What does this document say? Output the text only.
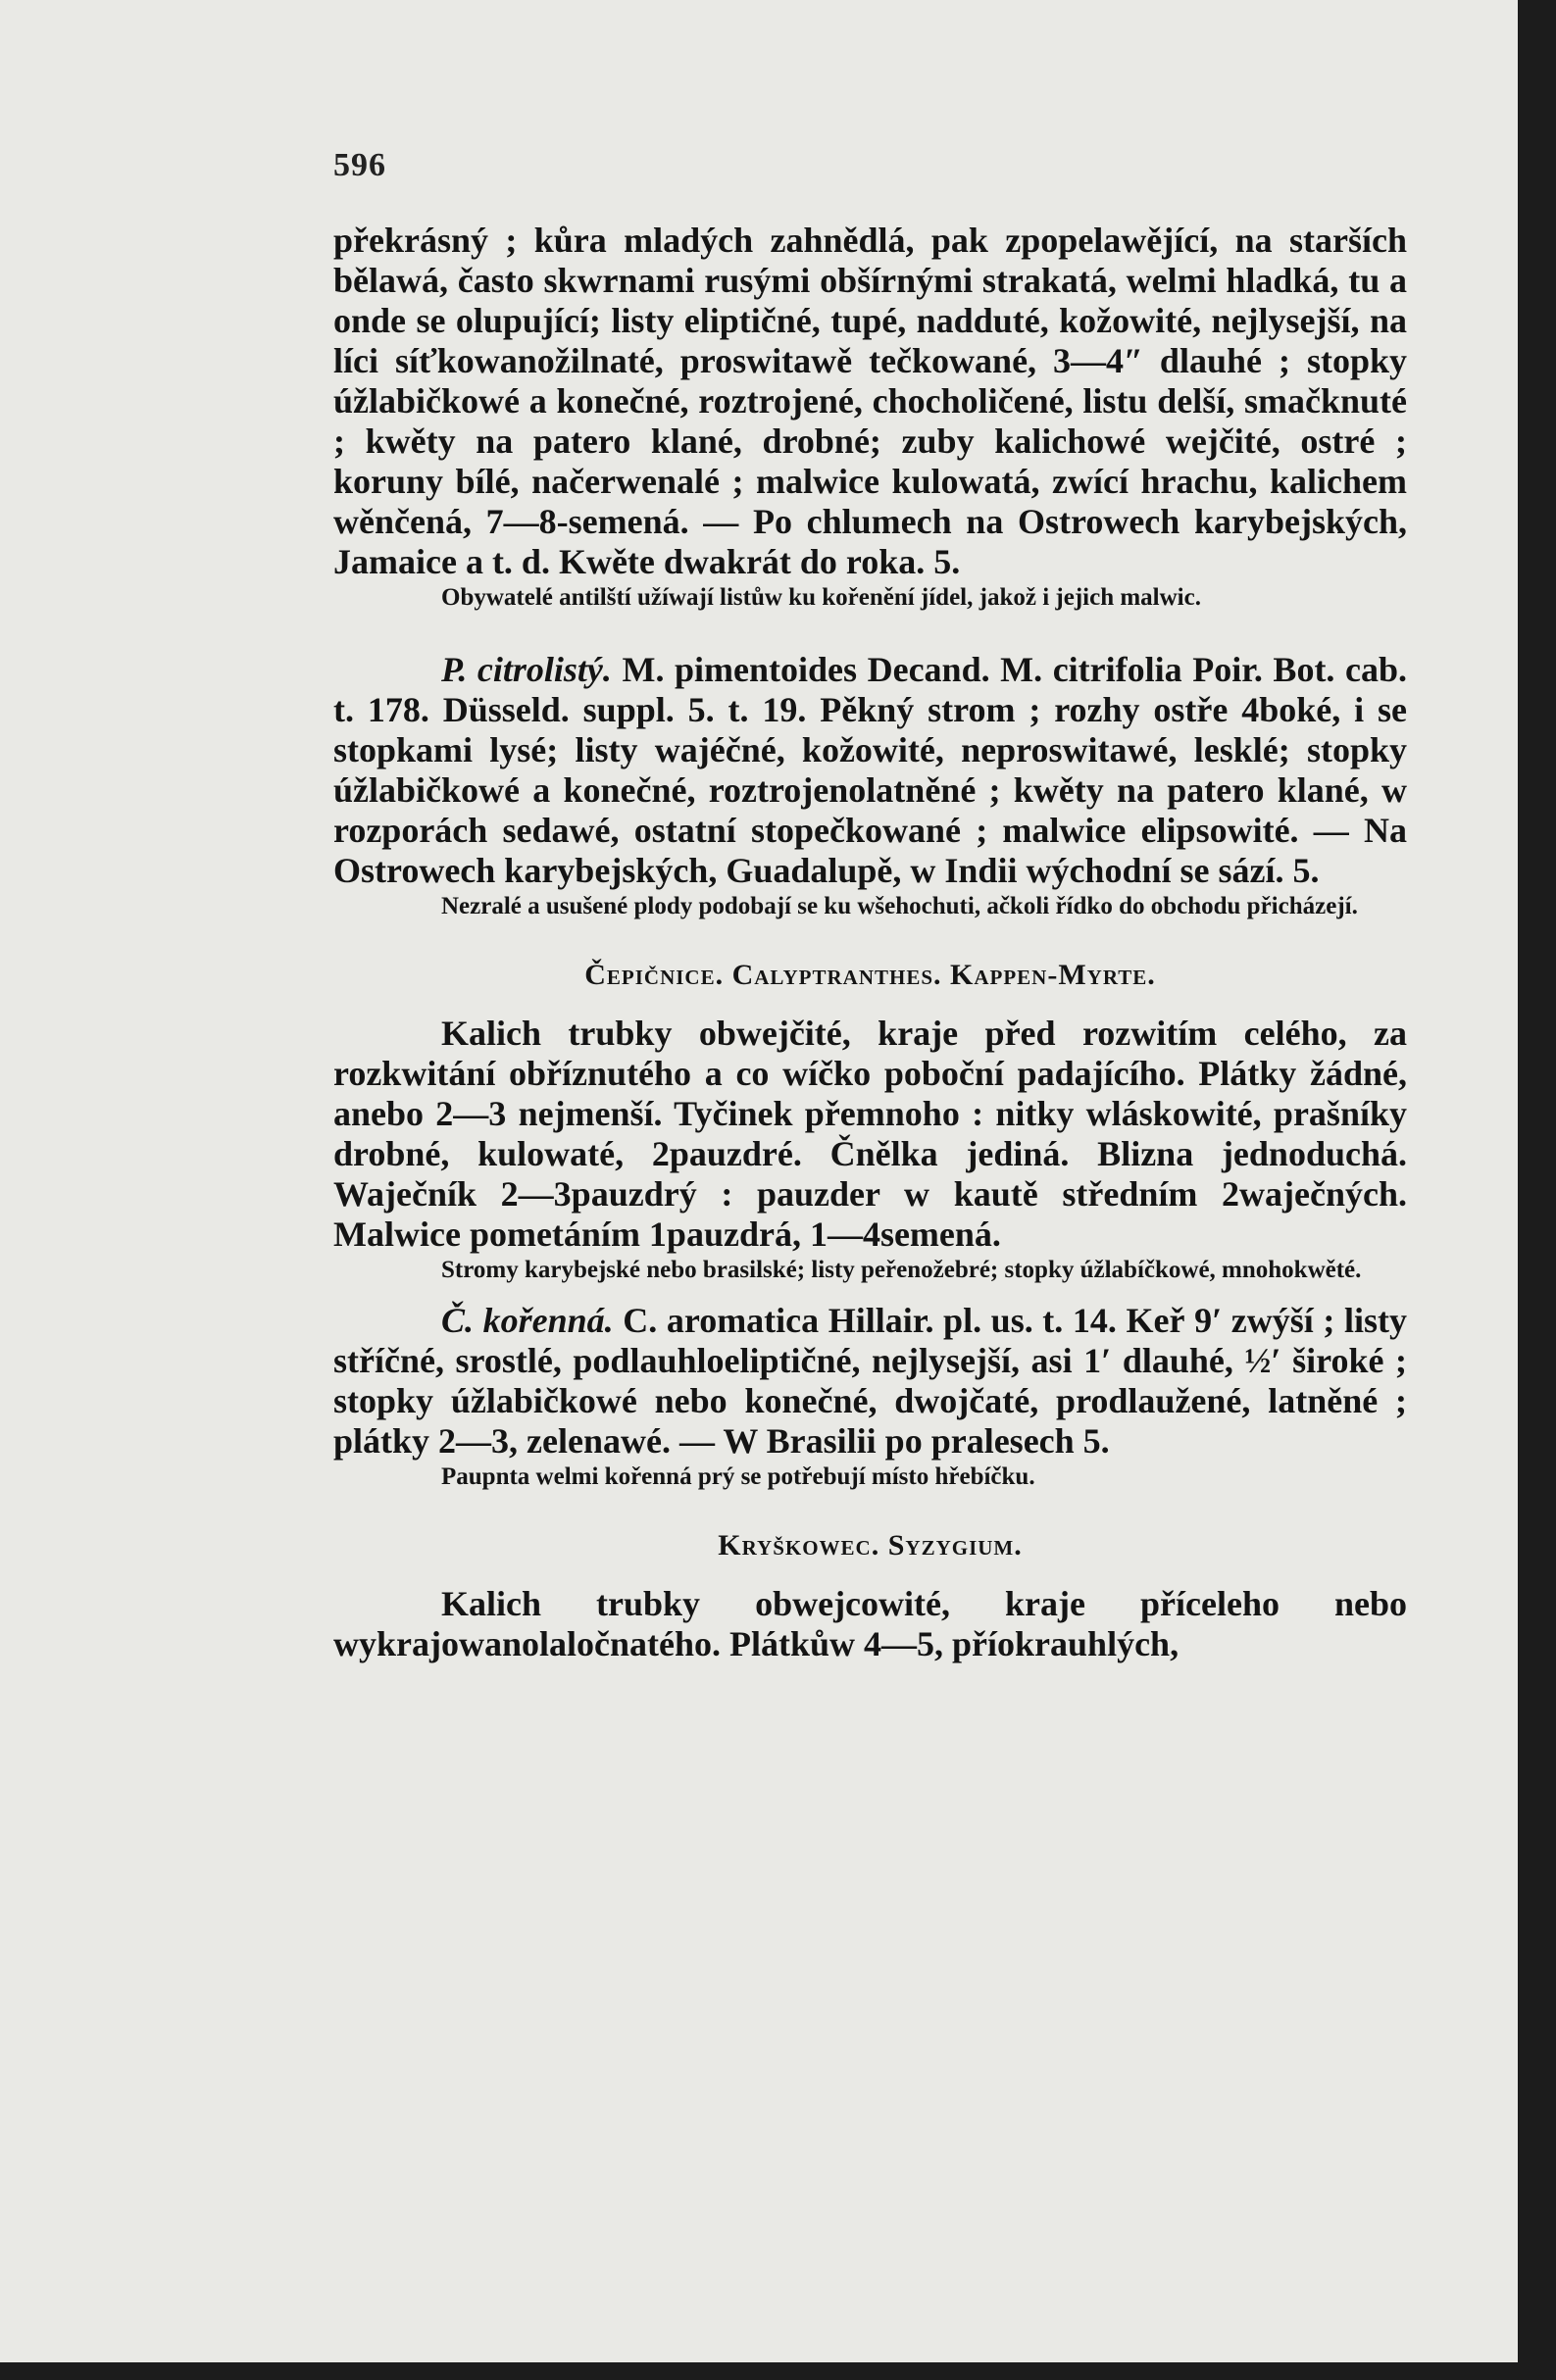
596

překrásný ; kůra mladých zahnědlá, pak zpopelawějící, na starších bělawá, často skwrnami rusými obšírnými strakatá, welmi hladká, tu a onde se olupující; listy eliptičné, tupé, nadduté, kožowité, nejlysejší, na líci síťkowanožilnaté, proswitawě tečkowané, 3—4″ dlauhé ; stopky úžlabičkowé a konečné, roztrojené, chocholičené, listu delší, smačknuté ; kwěty na patero klané, drobné; zuby kalichowé wejčité, ostré ; koruny bílé, načerwenalé ; malwice kulowatá, zwící hrachu, kalichem wěnčená, 7—8-semená. — Po chlumech na Ostrowech karybejských, Jamaice a t. d. Kwěte dwakrát do roka. 5.

Obywatelé antilští užíwají listůw ku kořenění jídel, jakož i jejich malwic.

P. citrolistý. M. pimentoides Decand. M. citrifolia Poir. Bot. cab. t. 178. Düsseld. suppl. 5. t. 19. Pěkný strom ; rozhy ostře 4boké, i se stopkami lysé; listy wajéčné, kožowité, neproswitawé, lesklé; stopky úžlabičkowé a konečné, roztrojenolatněné ; kwěty na patero klané, w rozporách sedawé, ostatní stopečkowané ; malwice elipsowité. — Na Ostrowech karybejských, Guadalupě, w Indii wýchodní se sází. 5.

Nezralé a usušené plody podobají se ku wšehochuti, ačkoli řídko do obchodu přicházejí.

Čepičnice. Calyptranthes. Kappen-Myrte.

Kalich trubky obwejčité, kraje před rozwitím celého, za rozkwitání obříznutého a co wíčko poboční padajícího. Plátky žádné, anebo 2—3 nejmenší. Tyčinek přemnoho : nitky wláskowité, prašníky drobné, kulowaté, 2pauzdré. Čnělka jediná. Blizna jednoduchá. Waječník 2—3pauzdrý : pauzder w kautě středním 2waječných. Malwice pometáním 1pauzdrá, 1—4semená.

Stromy karybejské nebo brasilské; listy peřenožebré; stopky úžlabíčkowé, mnohokwěté.

Č. kořenná. C. aromatica Hillair. pl. us. t. 14. Keř 9′ zwýší ; listy stříčné, srostlé, podlauhloeliptičné, nejlysejší, asi 1′ dlauhé, ½′ široké ; stopky úžlabičkowé nebo konečné, dwojčaté, prodlaužené, latněné ; plátky 2—3, zelenawé. — W Brasilii po pralesech 5.

Paupnta welmi kořenná prý se potřebují místo hřebíčku.

Kryškowec. Syzygium.

Kalich trubky obwejcowité, kraje příceleho nebo wykrajowanolaločnatého. Plátkůw 4—5, příokrauhlých,
